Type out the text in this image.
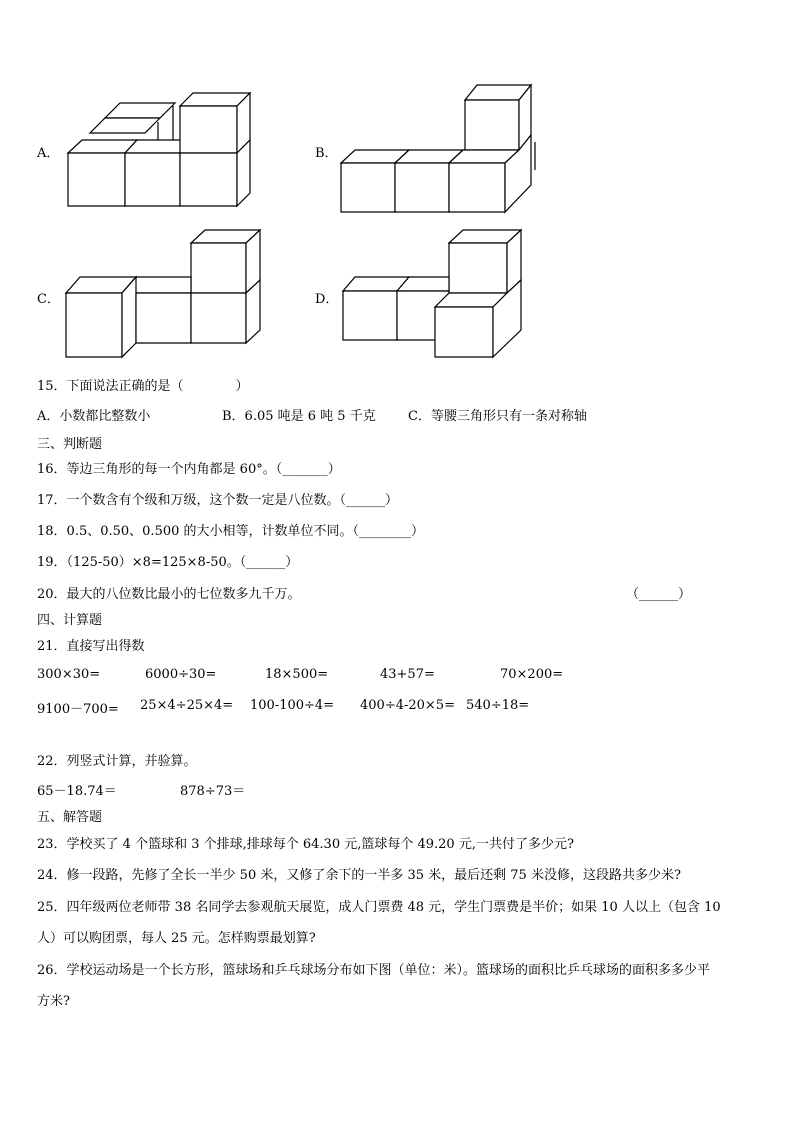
A．	B．
C．	D．
15．下面说法正确的是（　　　　）
A．小数都比整数小	B．6.05 吨是 6 吨 5 千克 C．等腰三角形只有一条对称轴
三、判断题
16．等边三角形的每一个内角都是 60°。（_______）
17．一个数含有个级和万级，这个数一定是八位数。（______）
18．0.5、0.50、0.500 的大小相等，计数单位不同。（________）
19．（125-50）×8=125×8-50。（______）
20．最大的八位数比最小的七位数多九千万。	（______）
四、计算题
21．直接写出得数
300×30=	6000÷30=	18×500=	43+57=	70×200=
9100－700= 25×4÷25×4= 100-100÷4= 400÷4-20×5= 540÷18=
22．列竖式计算，并验算。
65－18.74＝	878÷73＝
五、解答题
23．学校买了 4 个篮球和 3 个排球,排球每个 64.30 元,篮球每个 49.20 元,一共付了多少元?
24．修一段路，先修了全长一半少 50 米，又修了余下的一半多 35 米，最后还剩 75 米没修，这段路共多少米?
25．四年级两位老师带 38 名同学去参观航天展览，成人门票费 48 元，学生门票费是半价；如果 10 人以上（包含 10
人）可以购团票，每人 25 元。怎样购票最划算?
26．学校运动场是一个长方形，篮球场和乒乓球场分布如下图（单位：米）。篮球场的面积比乒乓球场的面积多多少平
方米?
